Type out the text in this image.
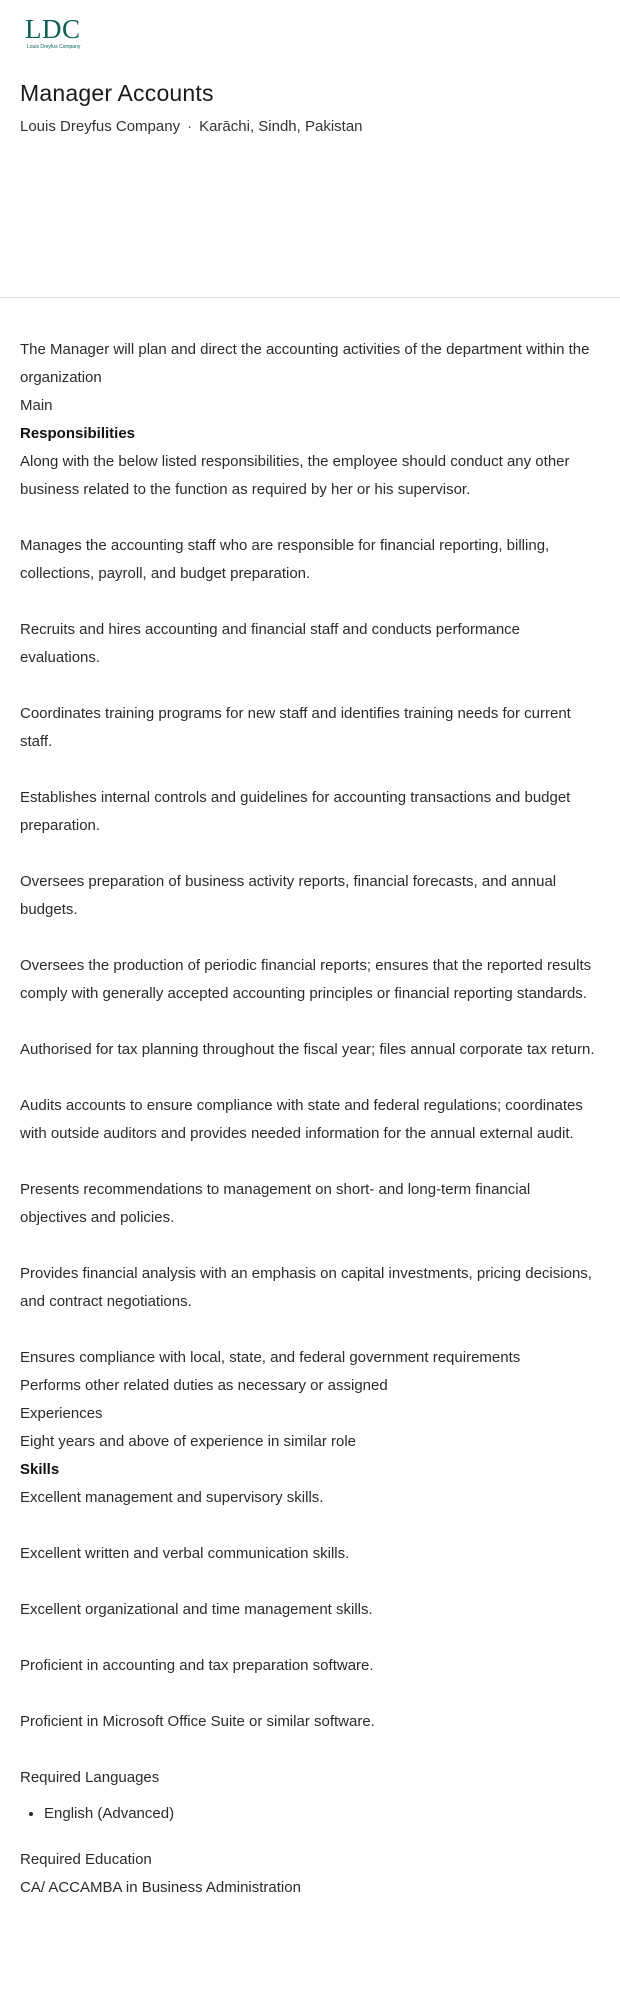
LDC
Louis Dreyfus Company
Manager Accounts
Louis Dreyfus Company · Karāchi, Sindh, Pakistan

The Manager will plan and direct the accounting activities of the department within the organization

Main

Responsibilities

Along with the below listed responsibilities, the employee should conduct any other business related to the function as required by her or his supervisor.

Manages the accounting staff who are responsible for financial reporting, billing, collections, payroll, and budget preparation.

Recruits and hires accounting and financial staff and conducts performance evaluations.

Coordinates training programs for new staff and identifies training needs for current staff.

Establishes internal controls and guidelines for accounting transactions and budget preparation.

Oversees preparation of business activity reports, financial forecasts, and annual budgets.

Oversees the production of periodic financial reports; ensures that the reported results comply with generally accepted accounting principles or financial reporting standards.

Authorised for tax planning throughout the fiscal year; files annual corporate tax return.

Audits accounts to ensure compliance with state and federal regulations; coordinates with outside auditors and provides needed information for the annual external audit.

Presents recommendations to management on short- and long-term financial objectives and policies.

Provides financial analysis with an emphasis on capital investments, pricing decisions, and contract negotiations.

Ensures compliance with local, state, and federal government requirements

Performs other related duties as necessary or assigned

Experiences

Eight years and above of experience in similar role

Skills

Excellent management and supervisory skills.

Excellent written and verbal communication skills.

Excellent organizational and time management skills.

Proficient in accounting and tax preparation software.

Proficient in Microsoft Office Suite or similar software.

Required Languages

• English (Advanced)

Required Education

CA/ ACCAMBA in Business Administration
